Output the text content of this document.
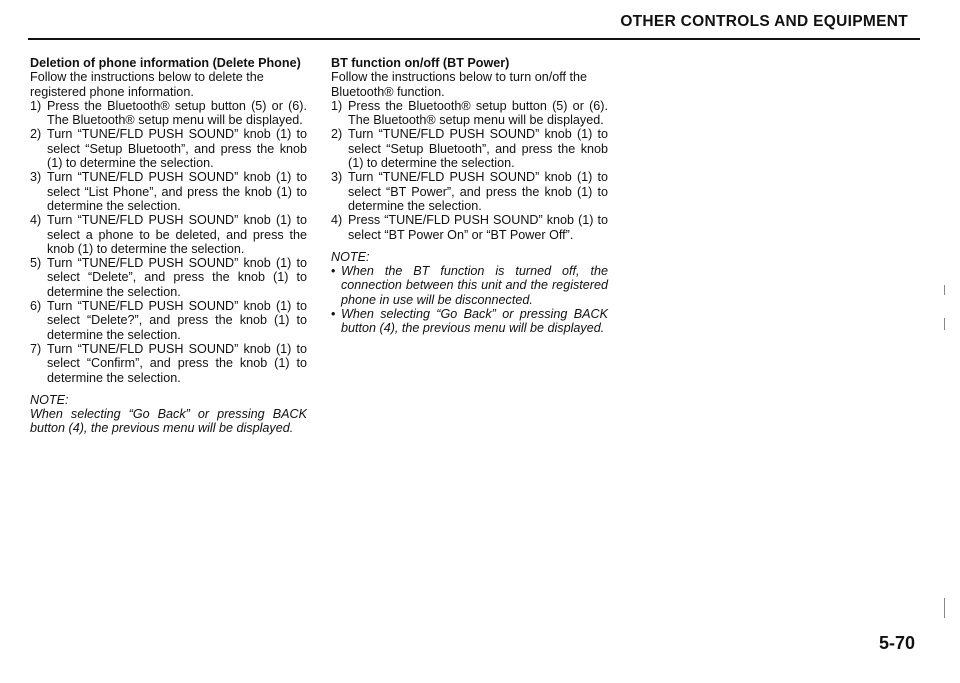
OTHER CONTROLS AND EQUIPMENT

Deletion of phone information (Delete Phone)

Follow the instructions below to delete the registered phone information.

1) Press the Bluetooth® setup button (5) or (6). The Bluetooth® setup menu will be displayed.
2) Turn “TUNE/FLD PUSH SOUND” knob (1) to select “Setup Bluetooth”, and press the knob (1) to determine the selection.
3) Turn “TUNE/FLD PUSH SOUND” knob (1) to select “List Phone”, and press the knob (1) to determine the selection.
4) Turn “TUNE/FLD PUSH SOUND” knob (1) to select a phone to be deleted, and press the knob (1) to determine the selection.
5) Turn “TUNE/FLD PUSH SOUND” knob (1) to select “Delete”, and press the knob (1) to determine the selection.
6) Turn “TUNE/FLD PUSH SOUND” knob (1) to select “Delete?”, and press the knob (1) to determine the selection.
7) Turn “TUNE/FLD PUSH SOUND” knob (1) to select “Confirm”, and press the knob (1) to determine the selection.
NOTE:
When selecting “Go Back” or pressing BACK button (4), the previous menu will be displayed.

BT function on/off (BT Power)

Follow the instructions below to turn on/off the Bluetooth® function.

1) Press the Bluetooth® setup button (5) or (6). The Bluetooth® setup menu will be displayed.
2) Turn “TUNE/FLD PUSH SOUND” knob (1) to select “Setup Bluetooth”, and press the knob (1) to determine the selection.
3) Turn “TUNE/FLD PUSH SOUND” knob (1) to select “BT Power”, and press the knob (1) to determine the selection.
4) Press “TUNE/FLD PUSH SOUND” knob (1) to select “BT Power On” or “BT Power Off”.
NOTE:
• When the BT function is turned off, the connection between this unit and the registered phone in use will be disconnected.
• When selecting “Go Back” or pressing BACK button (4), the previous menu will be displayed.
5-70
